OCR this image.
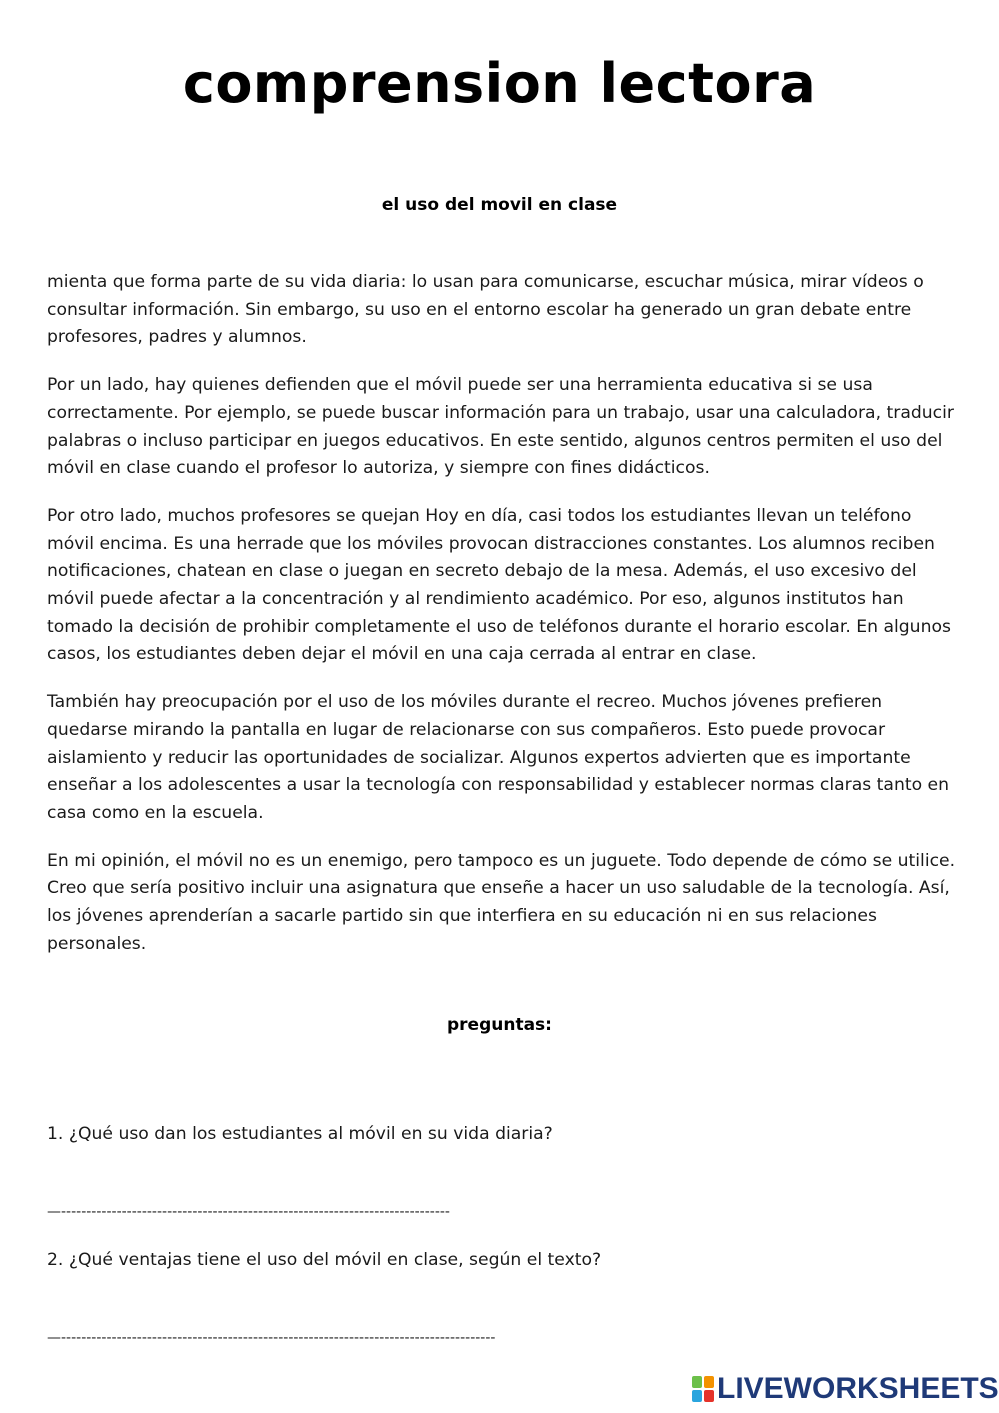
comprension lectora
el uso del movil en clase

mienta que forma parte de su vida diaria: lo usan para comunicarse, escuchar música, mirar vídeos o consultar información. Sin embargo, su uso en el entorno escolar ha generado un gran debate entre profesores, padres y alumnos.

Por un lado, hay quienes defienden que el móvil puede ser una herramienta educativa si se usa correctamente. Por ejemplo, se puede buscar información para un trabajo, usar una calculadora, traducir palabras o incluso participar en juegos educativos. En este sentido, algunos centros permiten el uso del móvil en clase cuando el profesor lo autoriza, y siempre con fines didácticos.

Por otro lado, muchos profesores se quejan Hoy en día, casi todos los estudiantes llevan un teléfono móvil encima. Es una herrade que los móviles provocan distracciones constantes. Los alumnos reciben notificaciones, chatean en clase o juegan en secreto debajo de la mesa. Además, el uso excesivo del móvil puede afectar a la concentración y al rendimiento académico. Por eso, algunos institutos han tomado la decisión de prohibir completamente el uso de teléfonos durante el horario escolar. En algunos casos, los estudiantes deben dejar el móvil en una caja cerrada al entrar en clase.

También hay preocupación por el uso de los móviles durante el recreo. Muchos jóvenes prefieren quedarse mirando la pantalla en lugar de relacionarse con sus compañeros. Esto puede provocar aislamiento y reducir las oportunidades de socializar. Algunos expertos advierten que es importante enseñar a los adolescentes a usar la tecnología con responsabilidad y establecer normas claras tanto en casa como en la escuela.

En mi opinión, el móvil no es un enemigo, pero tampoco es un juguete. Todo depende de cómo se utilice. Creo que sería positivo incluir una asignatura que enseñe a hacer un uso saludable de la tecnología. Así, los jóvenes aprenderían a sacarle partido sin que interfiera en su educación ni en sus relaciones personales.

preguntas:
1. ¿Qué uso dan los estudiantes al móvil en su vida diaria?
—-----------------------------------------------------------------------------
2. ¿Qué ventajas tiene el uso del móvil en clase, según el texto?
—--------------------------------------------------------------------------------------
LIVEWORKSHEETS
